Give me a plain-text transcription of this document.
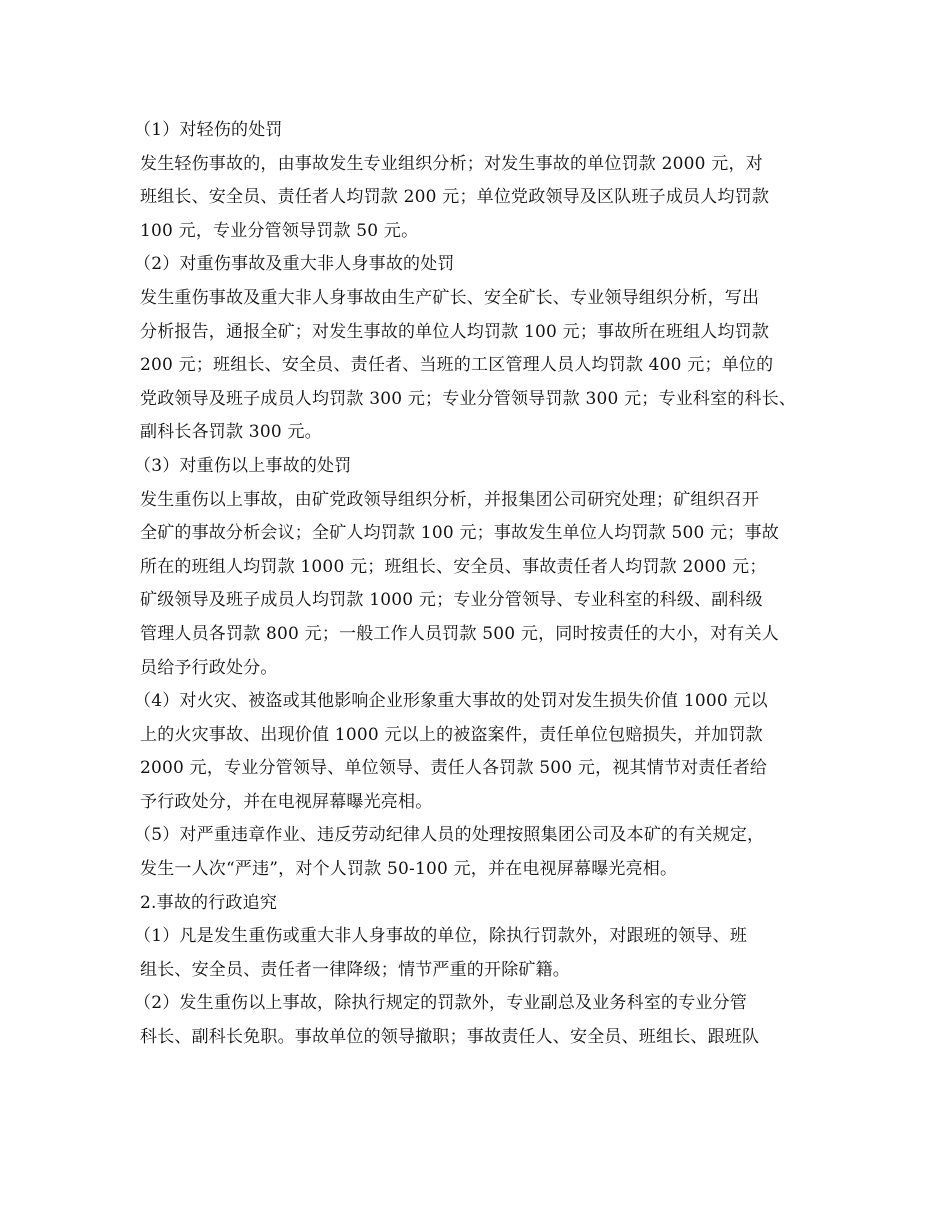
（1）对轻伤的处罚
发生轻伤事故的，由事故发生专业组织分析；对发生事故的单位罚款 2000 元，对
班组长、安全员、责任者人均罚款 200 元；单位党政领导及区队班子成员人均罚款
100 元，专业分管领导罚款 50 元。
（2）对重伤事故及重大非人身事故的处罚
发生重伤事故及重大非人身事故由生产矿长、安全矿长、专业领导组织分析，写出
分析报告，通报全矿；对发生事故的单位人均罚款 100 元；事故所在班组人均罚款
200 元；班组长、安全员、责任者、当班的工区管理人员人均罚款 400 元；单位的
党政领导及班子成员人均罚款 300 元；专业分管领导罚款 300 元；专业科室的科长、
副科长各罚款 300 元。
（3）对重伤以上事故的处罚
发生重伤以上事故，由矿党政领导组织分析，并报集团公司研究处理；矿组织召开
全矿的事故分析会议；全矿人均罚款 100 元；事故发生单位人均罚款 500 元；事故
所在的班组人均罚款 1000 元；班组长、安全员、事故责任者人均罚款 2000 元；
矿级领导及班子成员人均罚款 1000 元；专业分管领导、专业科室的科级、副科级
管理人员各罚款 800 元；一般工作人员罚款 500 元，同时按责任的大小，对有关人
员给予行政处分。
（4）对火灾、被盗或其他影响企业形象重大事故的处罚对发生损失价值 1000 元以
上的火灾事故、出现价值 1000 元以上的被盗案件，责任单位包赔损失，并加罚款
2000 元，专业分管领导、单位领导、责任人各罚款 500 元，视其情节对责任者给
予行政处分，并在电视屏幕曝光亮相。
（5）对严重违章作业、违反劳动纪律人员的处理按照集团公司及本矿的有关规定，
发生一人次“严违”，对个人罚款 50-100 元，并在电视屏幕曝光亮相。
2.事故的行政追究
（1）凡是发生重伤或重大非人身事故的单位，除执行罚款外，对跟班的领导、班
组长、安全员、责任者一律降级；情节严重的开除矿籍。
（2）发生重伤以上事故，除执行规定的罚款外，专业副总及业务科室的专业分管
科长、副科长免职。事故单位的领导撤职；事故责任人、安全员、班组长、跟班队
